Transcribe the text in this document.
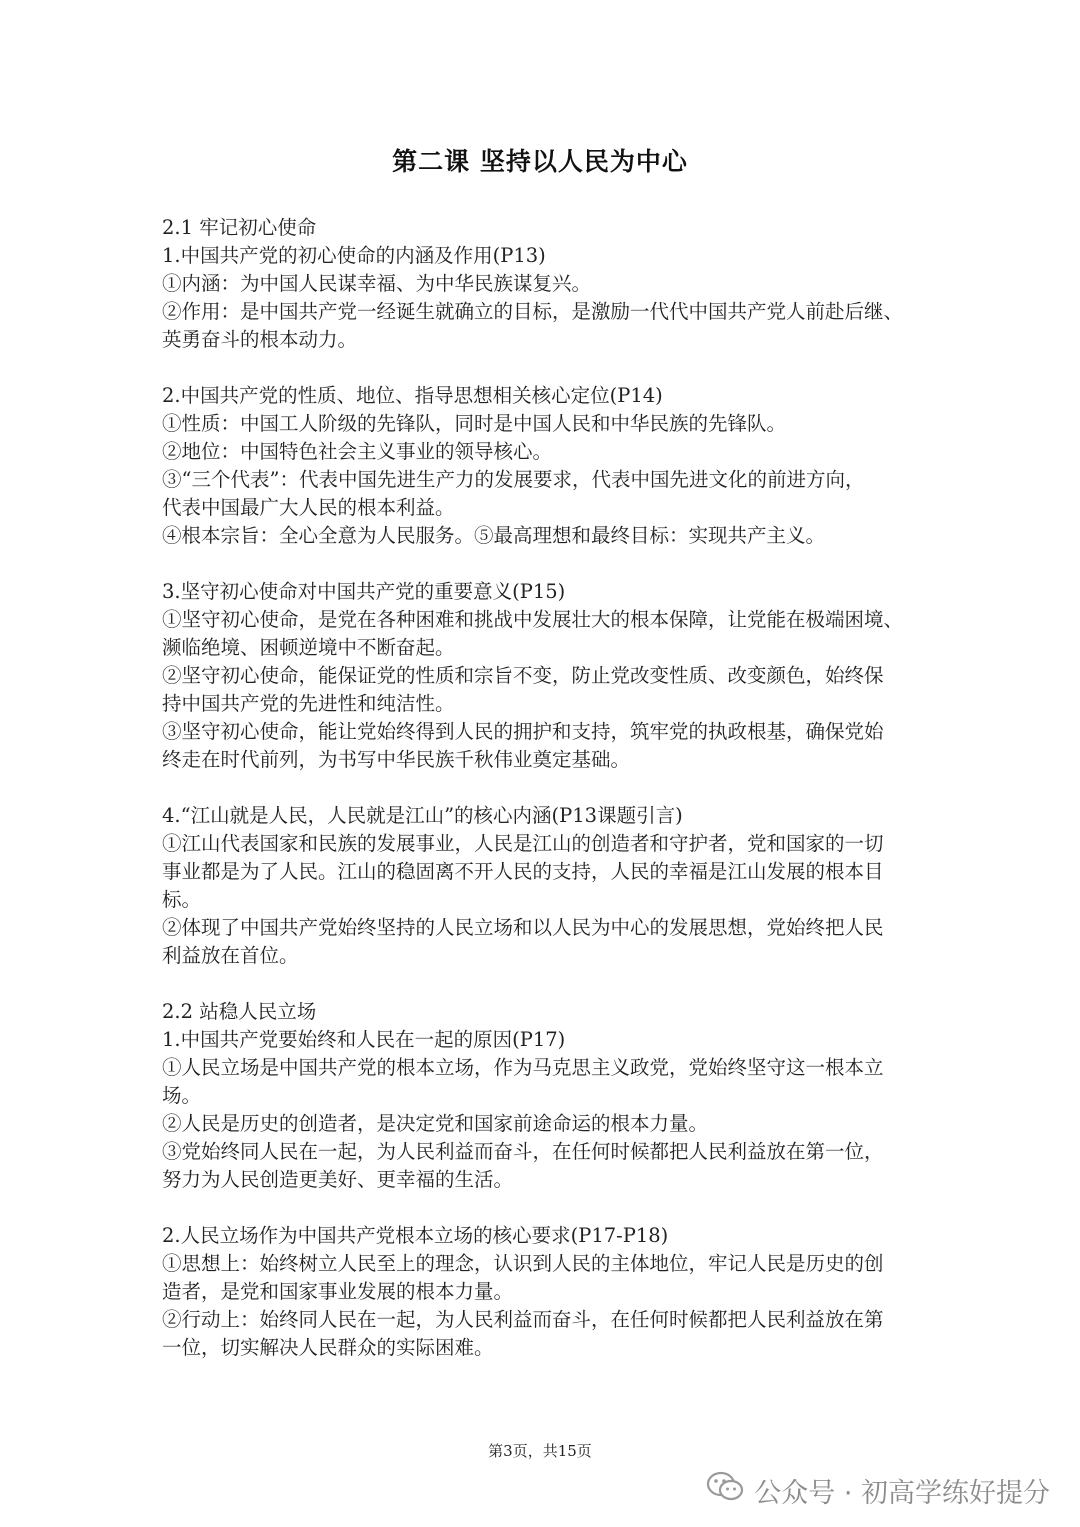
第二课 坚持以人民为中心
2.1 牢记初心使命
1.中国共产党的初心使命的内涵及作用(P13)
①内涵：为中国人民谋幸福、为中华民族谋复兴。
②作用：是中国共产党一经诞生就确立的目标，是激励一代代中国共产党人前赴后继、
英勇奋斗的根本动力。
2.中国共产党的性质、地位、指导思想相关核心定位(P14)
①性质：中国工人阶级的先锋队，同时是中国人民和中华民族的先锋队。
②地位：中国特色社会主义事业的领导核心。
③“三个代表”：代表中国先进生产力的发展要求，代表中国先进文化的前进方向，
代表中国最广大人民的根本利益。
④根本宗旨：全心全意为人民服务。⑤最高理想和最终目标：实现共产主义。
3.坚守初心使命对中国共产党的重要意义(P15)
①坚守初心使命，是党在各种困难和挑战中发展壮大的根本保障，让党能在极端困境、
濒临绝境、困顿逆境中不断奋起。
②坚守初心使命，能保证党的性质和宗旨不变，防止党改变性质、改变颜色，始终保
持中国共产党的先进性和纯洁性。
③坚守初心使命，能让党始终得到人民的拥护和支持，筑牢党的执政根基，确保党始
终走在时代前列，为书写中华民族千秋伟业奠定基础。
4.“江山就是人民，人民就是江山”的核心内涵(P13课题引言)
①江山代表国家和民族的发展事业，人民是江山的创造者和守护者，党和国家的一切
事业都是为了人民。江山的稳固离不开人民的支持，人民的幸福是江山发展的根本目
标。
②体现了中国共产党始终坚持的人民立场和以人民为中心的发展思想，党始终把人民
利益放在首位。
2.2 站稳人民立场
1.中国共产党要始终和人民在一起的原因(P17)
①人民立场是中国共产党的根本立场，作为马克思主义政党，党始终坚守这一根本立
场。
②人民是历史的创造者，是决定党和国家前途命运的根本力量。
③党始终同人民在一起，为人民利益而奋斗，在任何时候都把人民利益放在第一位，
努力为人民创造更美好、更幸福的生活。
2.人民立场作为中国共产党根本立场的核心要求(P17-P18)
①思想上：始终树立人民至上的理念，认识到人民的主体地位，牢记人民是历史的创
造者，是党和国家事业发展的根本力量。
②行动上：始终同人民在一起，为人民利益而奋斗，在任何时候都把人民利益放在第
一位，切实解决人民群众的实际困难。
第3页，共15页
公众号 · 初高学练好提分
